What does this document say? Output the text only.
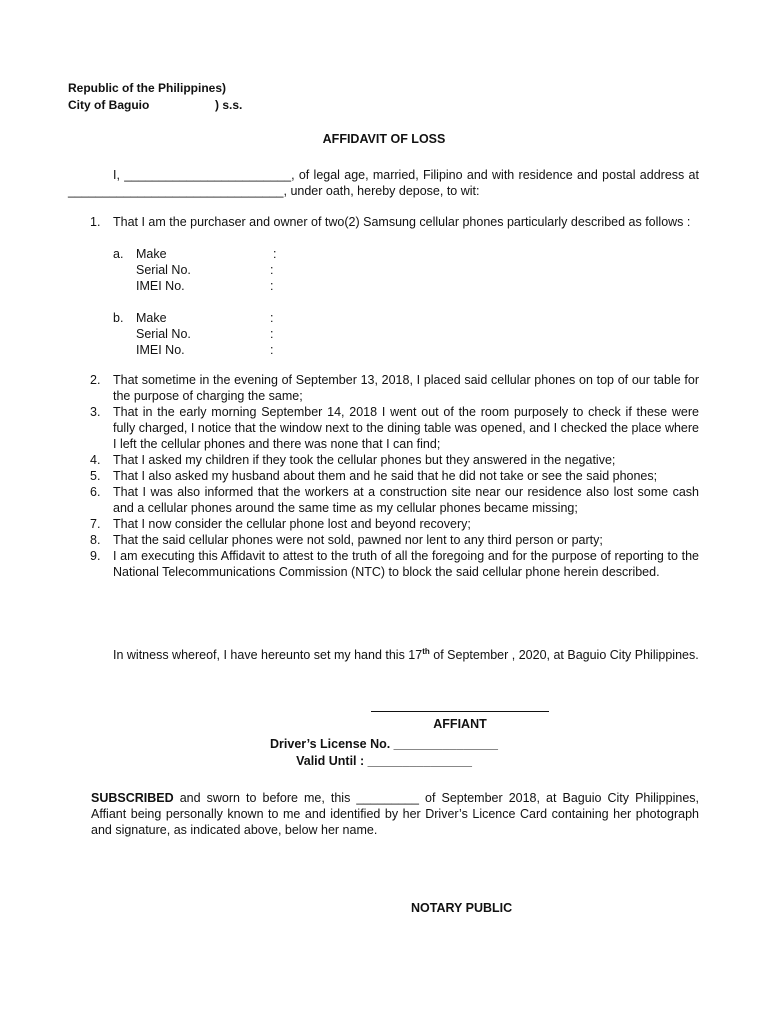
Republic of the Philippines)
City of Baguio	) s.s.
AFFIDAVIT OF LOSS

I, ________________________, of legal age, married, Filipino and with residence and postal address at _______________________________, under oath, hereby depose, to wit:

1. That I am the purchaser and owner of two(2) Samsung cellular phones particularly described as follows :
a. Make	:
Serial No.	:
IMEI No.	:
b. Make	:
Serial No.	:
IMEI No.	:
2. That sometime in the evening of September 13, 2018, I placed said cellular phones on top of our table for the purpose of charging the same;
3. That in the early morning September 14, 2018 I went out of the room purposely to check if these were fully charged, I notice that the window next to the dining table was opened, and I checked the place where I left the cellular phones and there was none that I can find;
4. That I asked my children if they took the cellular phones but they answered in the negative;
5. That I also asked my husband about them and he said that he did not take or see the said phones;
6. That I was also informed that the workers at a construction site near our residence also lost some cash and a cellular phones around the same time as my cellular phones became missing;
7. That I now consider the cellular phone lost and beyond recovery;
8. That the said cellular phones were not sold, pawned nor lent to any third person or party;
9. I am executing this Affidavit to attest to the truth of all the foregoing and for the purpose of reporting to the National Telecommunications Commission (NTC) to block the said cellular phone herein described.

In witness whereof, I have hereunto set my hand this 17th of September , 2020, at Baguio City Philippines.

AFFIANT
Driver’s License No. _______________
Valid Until : _______________

SUBSCRIBED and sworn to before me, this _________ of September 2018, at Baguio City Philippines, Affiant being personally known to me and identified by her Driver’s Licence Card containing her photograph and signature, as indicated above, below her name.

NOTARY PUBLIC
